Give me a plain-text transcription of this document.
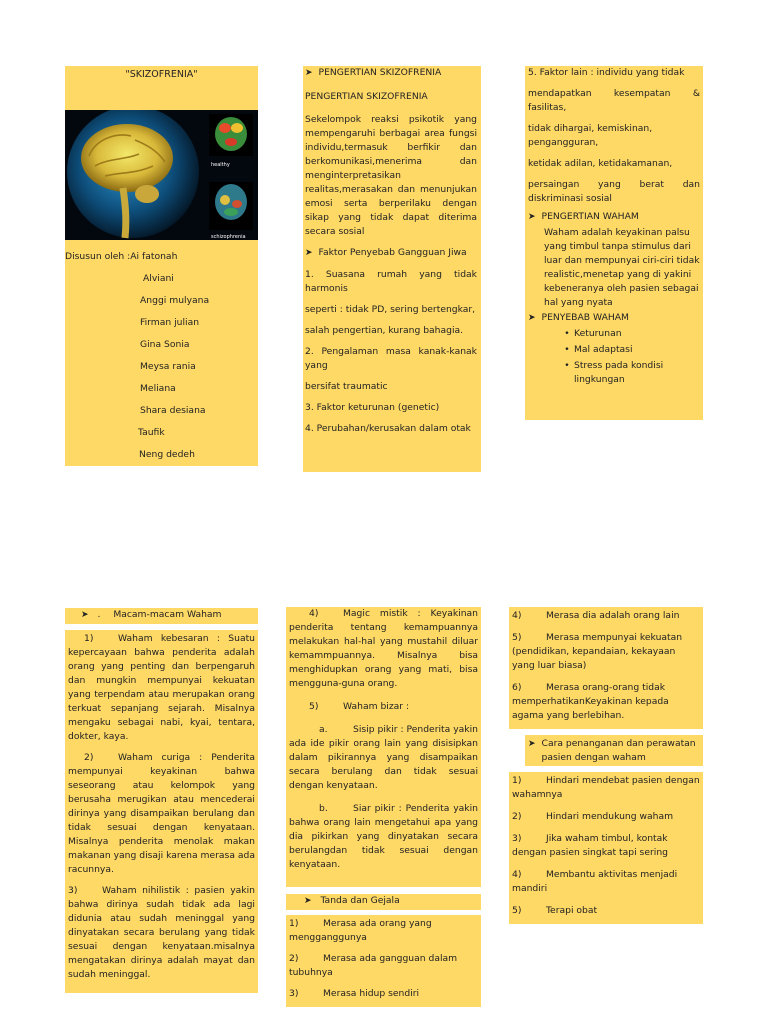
"SKIZOFRENIA"
healthy
schizophrenia
Disusun oleh : Ai fatonah
Alviani
Anggi mulyana
Firman julian
Gina Sonia
Meysa rania
Meliana
Shara desiana
Taufik
Neng dedeh
➤ PENGERTIAN SKIZOFRENIA
PENGERTIAN SKIZOFRENIA
Sekelompok reaksi psikotik yang mempengaruhi berbagai area fungsi individu,termasuk berfikir dan berkomunikasi,menerima dan menginterpretasikan
realitas,merasakan dan menunjukan emosi serta berperilaku dengan sikap yang tidak dapat diterima secara sosial
➤ Faktor Penyebab Gangguan Jiwa
1. Suasana rumah yang tidak harmonis
seperti : tidak PD, sering bertengkar,
salah pengertian, kurang bahagia.
2. Pengalaman masa kanak-kanak yang
bersifat traumatic
3. Faktor keturunan (genetic)
4. Perubahan/kerusakan dalam otak
5. Faktor lain : individu yang tidak
mendapatkan kesempatan & fasilitas,
tidak dihargai, kemiskinan, pengangguran,
ketidak adilan, ketidakamanan,
persaingan yang berat dan diskriminasi sosial
➤ PENGERTIAN WAHAM
Waham adalah keyakinan palsu yang timbul tanpa stimulus dari luar dan mempunyai ciri-ciri tidak realistic,menetap yang di yakini kebeneranya oleh pasien sebagai hal yang nyata
➤ PENYEBAB WAHAM
• Keturunan
• Mal adaptasi
• Stress pada kondisi lingkungan
➤ . Macam-macam Waham
1)	Waham kebesaran : Suatu kepercayaan bahwa penderita adalah orang yang penting dan berpengaruh dan mungkin mempunyai kekuatan yang terpendam atau merupakan orang terkuat sepanjang sejarah. Misalnya mengaku sebagai nabi, kyai, tentara, dokter, kaya.
2)	Waham curiga : Penderita mempunyai keyakinan bahwa seseorang atau kelompok yang berusaha merugikan atau mencederai dirinya yang disampaikan berulang dan tidak sesuai dengan kenyataan. Misalnya penderita menolak makan makanan yang disaji karena merasa ada racunnya.
3)	Waham nihilistik : pasien yakin bahwa dirinya sudah tidak ada lagi didunia atau sudah meninggal yang dinyatakan secara berulang yang tidak sesuai dengan kenyataan.misalnya mengatakan dirinya adalah mayat dan sudah meninggal.
4)	Magic mistik : Keyakinan penderita tentang kemampuannya melakukan hal-hal yang mustahil diluar kemammpuannya. Misalnya bisa menghidupkan orang yang mati, bisa mengguna-guna orang.
5)	Waham bizar :
a.	Sisip pikir : Penderita yakin ada ide pikir orang lain yang disisipkan dalam pikirannya yang disampaikan secara berulang dan tidak sesuai dengan kenyataan.
b.	Siar pikir : Penderita yakin bahwa orang lain mengetahui apa yang dia pikirkan yang dinyatakan secara berulangdan tidak sesuai dengan kenyataan.
➤ Tanda dan Gejala
1)	Merasa ada orang yang mengganggunya
2)	Merasa ada gangguan dalam tubuhnya
3)	Merasa hidup sendiri
4)	Merasa dia adalah orang lain
5)	Merasa mempunyai kekuatan (pendidikan, kepandaian, kekayaan yang luar biasa)
6)	Merasa orang-orang tidak memperhatikanKeyakinan kepada agama yang berlebihan.
➤ Cara penanganan dan perawatan pasien dengan waham
1)	Hindari mendebat pasien dengan wahamnya
2)	Hindari mendukung waham
3)	Jika waham timbul, kontak dengan pasien singkat tapi sering
4)	Membantu aktivitas menjadi mandiri
5)	Terapi obat
